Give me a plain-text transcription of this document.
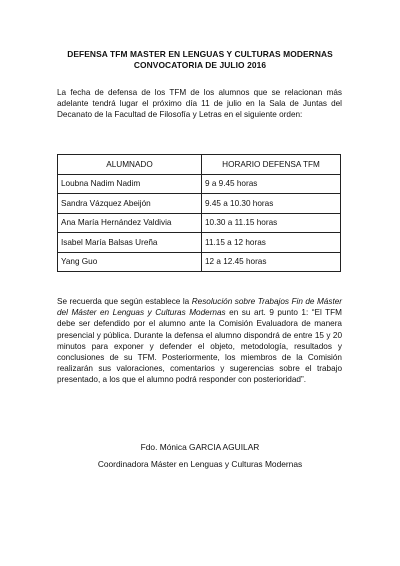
DEFENSA TFM MASTER EN LENGUAS Y CULTURAS MODERNAS
CONVOCATORIA DE JULIO 2016
La fecha de defensa de los TFM de los alumnos que se relacionan más adelante tendrá lugar el próximo día 11 de julio en la Sala de Juntas del Decanato de la Facultad de Filosofía y Letras en el siguiente orden:
ALUMNADO	HORARIO DEFENSA TFM
Loubna Nadim Nadim	9 a 9.45 horas
Sandra Vázquez Abeijón	9.45 a 10.30 horas
Ana María Hernández Valdivia	10.30 a 11.15 horas
Isabel María Balsas Ureña	11.15 a 12 horas
Yang Guo	12 a 12.45 horas
Se recuerda que según establece la Resolución sobre Trabajos Fin de Máster del Máster en Lenguas y Culturas Modernas en su art. 9 punto 1: “El TFM debe ser defendido por el alumno ante la Comisión Evaluadora de manera presencial y pública. Durante la defensa el alumno dispondrá de entre 15 y 20 minutos para exponer y defender el objeto, metodología, resultados y conclusiones de su TFM. Posteriormente, los miembros de la Comisión realizarán sus valoraciones, comentarios y sugerencias sobre el trabajo presentado, a los que el alumno podrá responder con posterioridad”.
Fdo. Mónica GARCIA AGUILAR
Coordinadora Máster en Lenguas y Culturas Modernas
